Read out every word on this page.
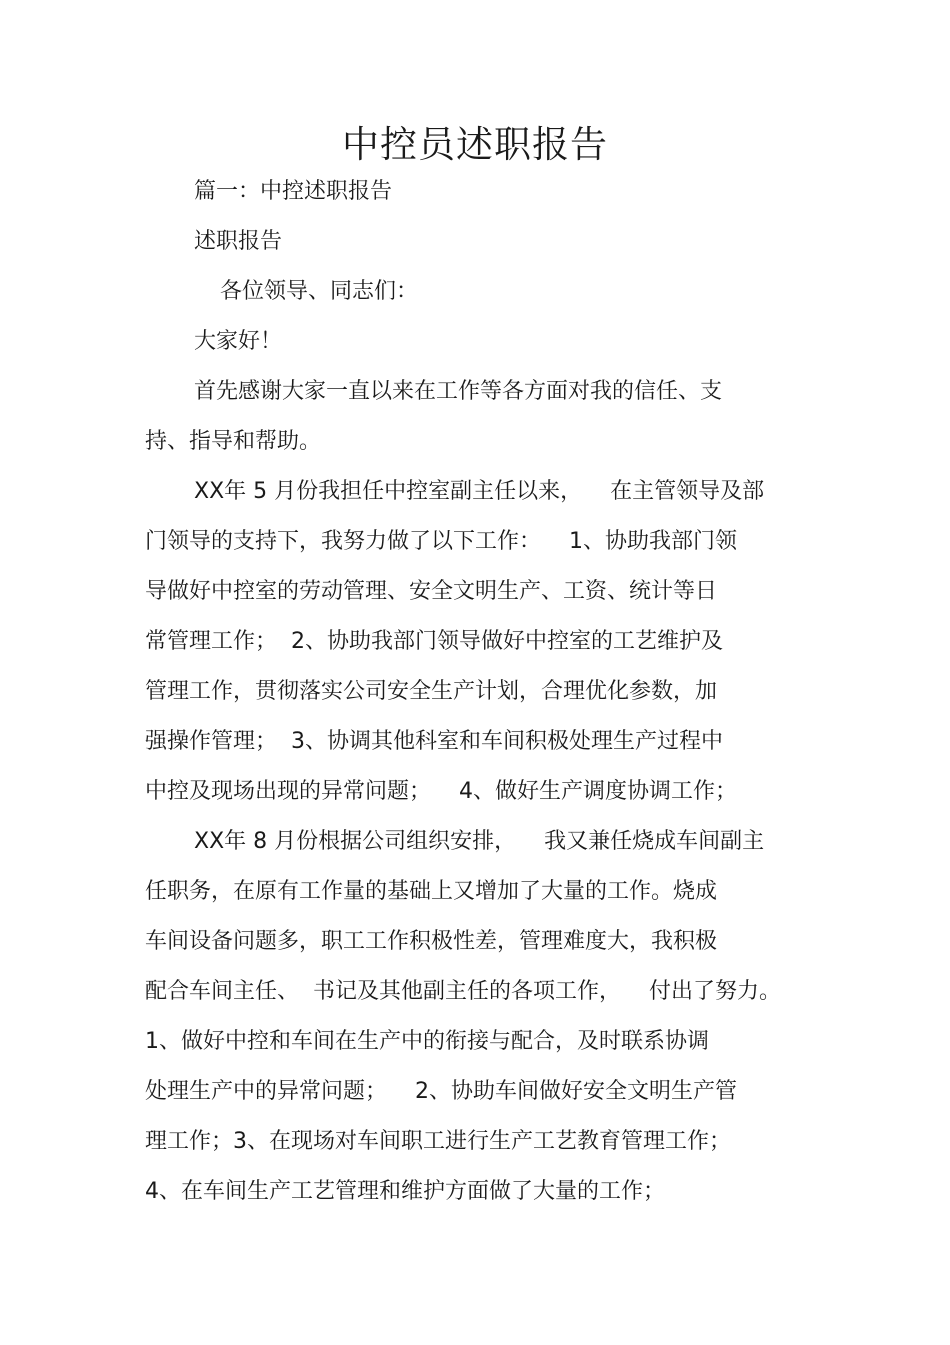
中控员述职报告
篇一：中控述职报告
述职报告
各位领导、同志们：
大家好！
首先感谢大家一直以来在工作等各方面对我的信任、支
持、指导和帮助。
XX年 5 月份我担任中控室副主任以来，    在主管领导及部
门领导的支持下，我努力做了以下工作：    1、协助我部门领
导做好中控室的劳动管理、安全文明生产、工资、统计等日
常管理工作；  2、协助我部门领导做好中控室的工艺维护及
管理工作，贯彻落实公司安全生产计划，合理优化参数，加
强操作管理；  3、协调其他科室和车间积极处理生产过程中
中控及现场出现的异常问题；    4、做好生产调度协调工作；
XX年 8 月份根据公司组织安排，    我又兼任烧成车间副主
任职务，在原有工作量的基础上又增加了大量的工作。烧成
车间设备问题多，职工工作积极性差，管理难度大，我积极
配合车间主任、  书记及其他副主任的各项工作，    付出了努力。
1、做好中控和车间在生产中的衔接与配合，及时联系协调
处理生产中的异常问题；    2、协助车间做好安全文明生产管
理工作；3、在现场对车间职工进行生产工艺教育管理工作；
4、在车间生产工艺管理和维护方面做了大量的工作；
